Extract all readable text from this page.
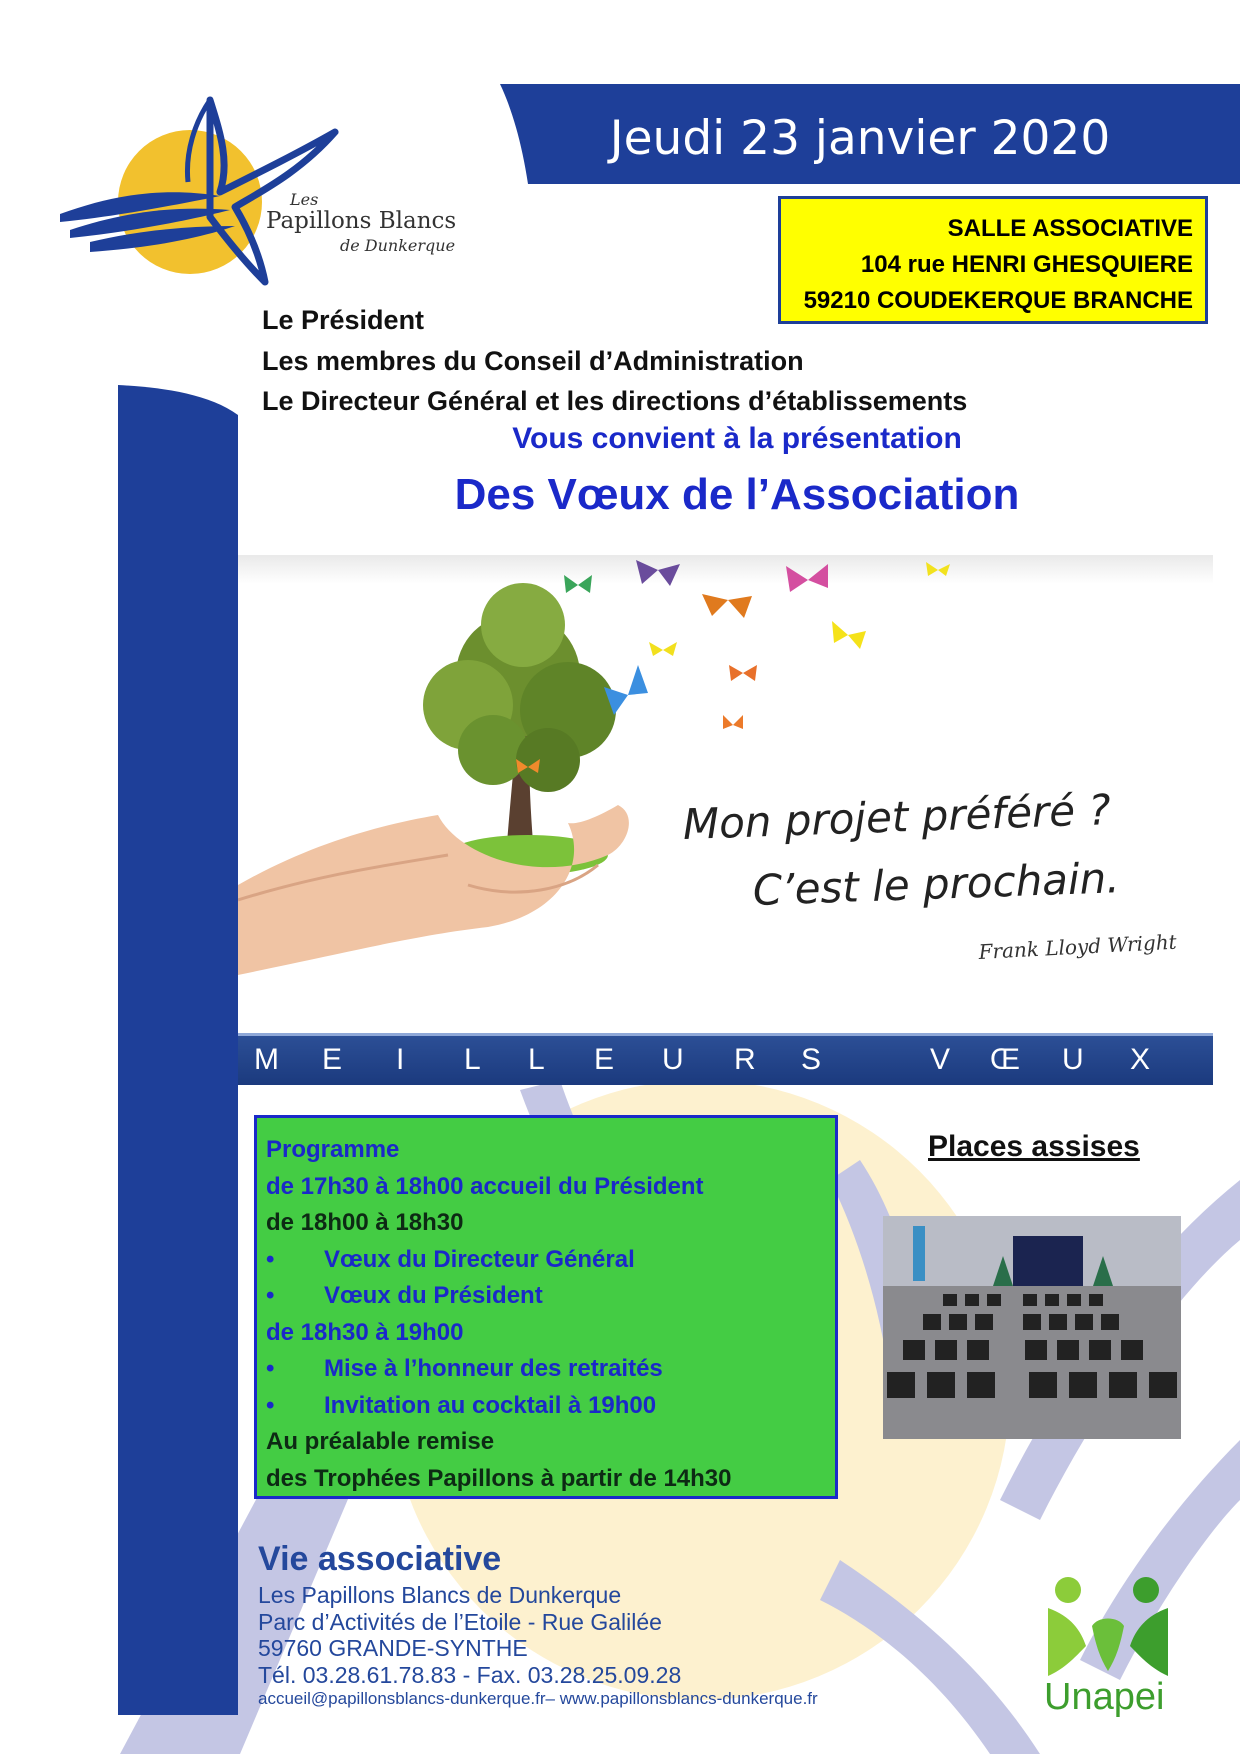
Jeudi 23 janvier 2020
Les
Papillons Blancs
de Dunkerque
SALLE ASSOCIATIVE
104 rue HENRI GHESQUIERE
59210 COUDEKERQUE BRANCHE
Le Président
Les membres du Conseil d’Administration
Le Directeur Général et les directions d’établissements
Vous convient à la présentation
Des Vœux de l’Association
Mon projet préféré ?
C’est le prochain.
Frank Lloyd Wright
M E I L L E U R S	V Œ U X
Programme
de 17h30 à 18h00 accueil du Président
de 18h00 à 18h30
• Vœux du Directeur Général
• Vœux du Président
de 18h30 à 19h00
• Mise à l’honneur des retraités
• Invitation au cocktail à 19h00
Au préalable remise
des Trophées Papillons à partir de 14h30
Places assises
Vie associative
Les Papillons Blancs de Dunkerque
Parc d’Activités de l’Etoile - Rue Galilée
59760 GRANDE-SYNTHE
Tél. 03.28.61.78.83 - Fax. 03.28.25.09.28
accueil@papillonsblancs-dunkerque.fr– www.papillonsblancs-dunkerque.fr	Unapei
